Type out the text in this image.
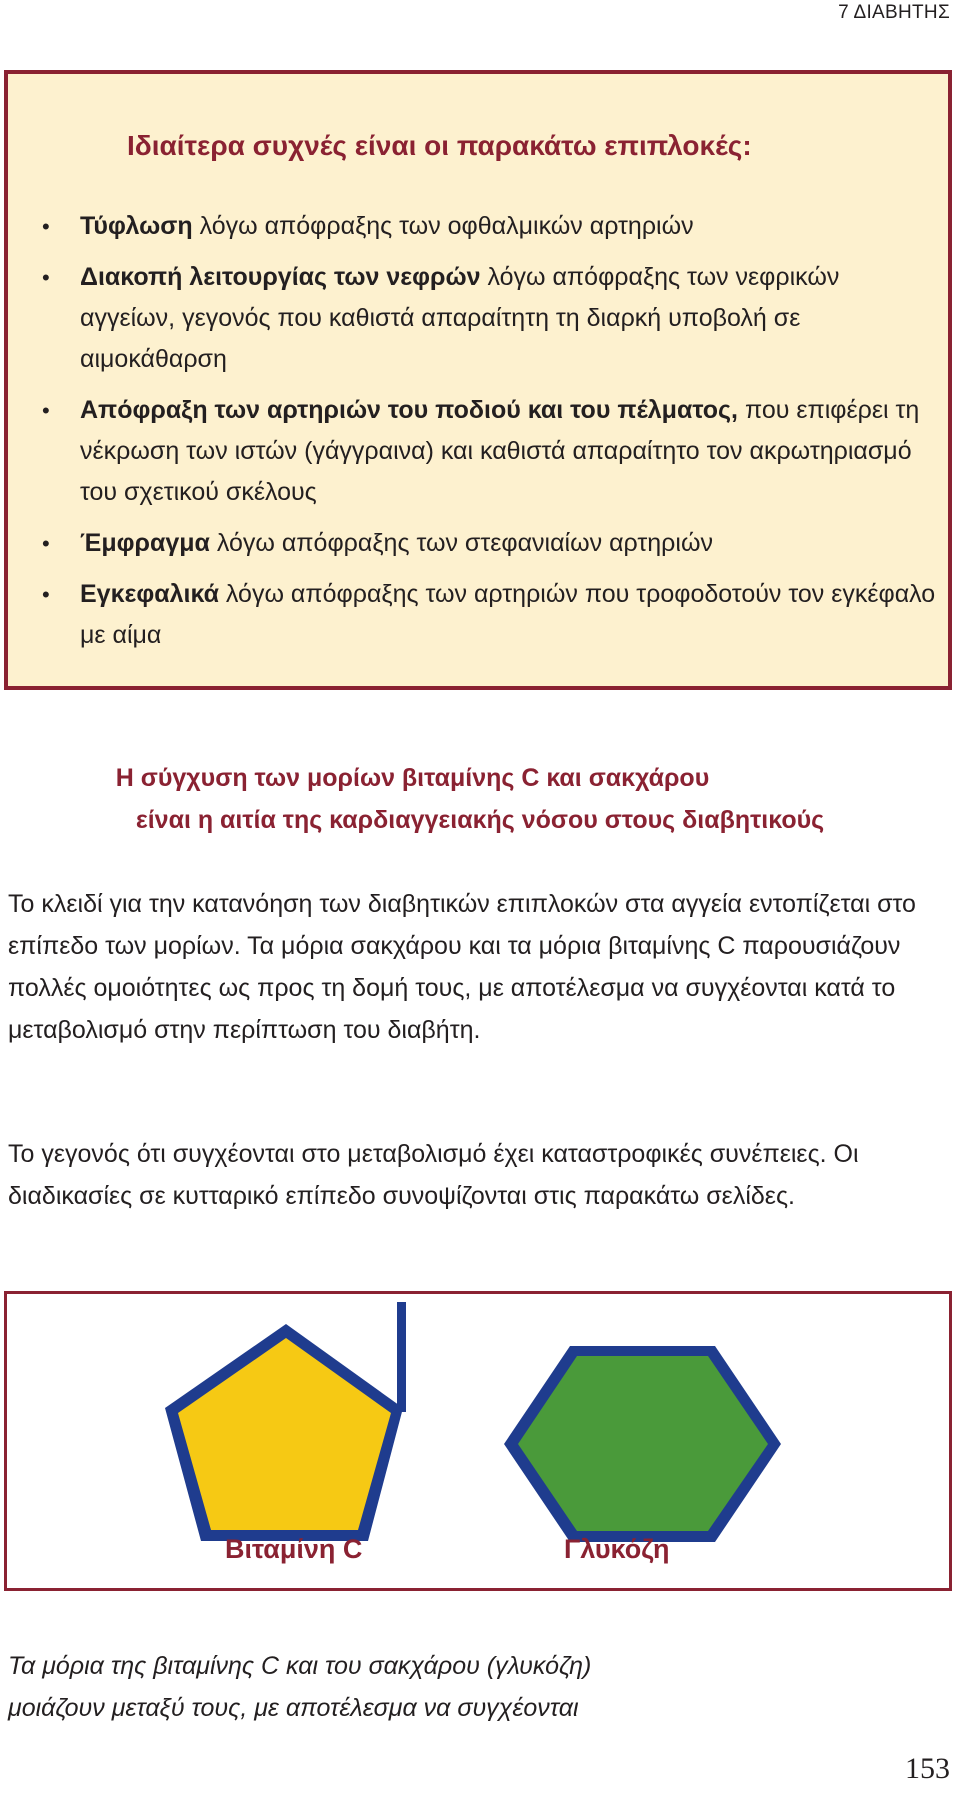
7 ΔΙΑΒΗΤΗΣ
Ιδιαίτερα συχνές είναι οι παρακάτω επιπλοκές:
• Τύφλωση λόγω απόφραξης των οφθαλμικών αρτηριών
• Διακοπή λειτουργίας των νεφρών λόγω απόφραξης των νεφρικών αγγείων, γεγονός που καθιστά απαραίτητη τη διαρκή υποβολή σε αιμοκάθαρση
• Απόφραξη των αρτηριών του ποδιού και του πέλματος, που επιφέρει τη νέκρωση των ιστών (γάγγραινα) και καθιστά απαραίτητο τον ακρωτηριασμό του σχετικού σκέλους
• Έμφραγμα λόγω απόφραξης των στεφανιαίων αρτηριών
• Εγκεφαλικά λόγω απόφραξης των αρτηριών που τροφοδοτούν τον εγκέφαλο με αίμα
Η σύγχυση των μορίων βιταμίνης C και σακχάρου
είναι η αιτία της καρδιαγγειακής νόσου στους διαβητικούς

Το κλειδί για την κατανόηση των διαβητικών επιπλοκών στα αγγεία εντοπίζεται στο επίπεδο των μορίων. Τα μόρια σακχάρου και τα μόρια βιταμίνης C παρουσιάζουν πολλές ομοιότητες ως προς τη δομή τους, με αποτέλεσμα να συγχέονται κατά το μεταβολισμό στην περίπτωση του διαβήτη.

Το γεγονός ότι συγχέονται στο μεταβολισμό έχει καταστροφικές συνέπειες. Οι διαδικασίες σε κυτταρικό επίπεδο συνοψίζονται στις παρακάτω σελίδες.

Βιταμίνη C	Γλυκόζη
Τα μόρια της βιταμίνης C και του σακχάρου (γλυκόζη)
μοιάζουν μεταξύ τους, με αποτέλεσμα να συγχέονται
153
